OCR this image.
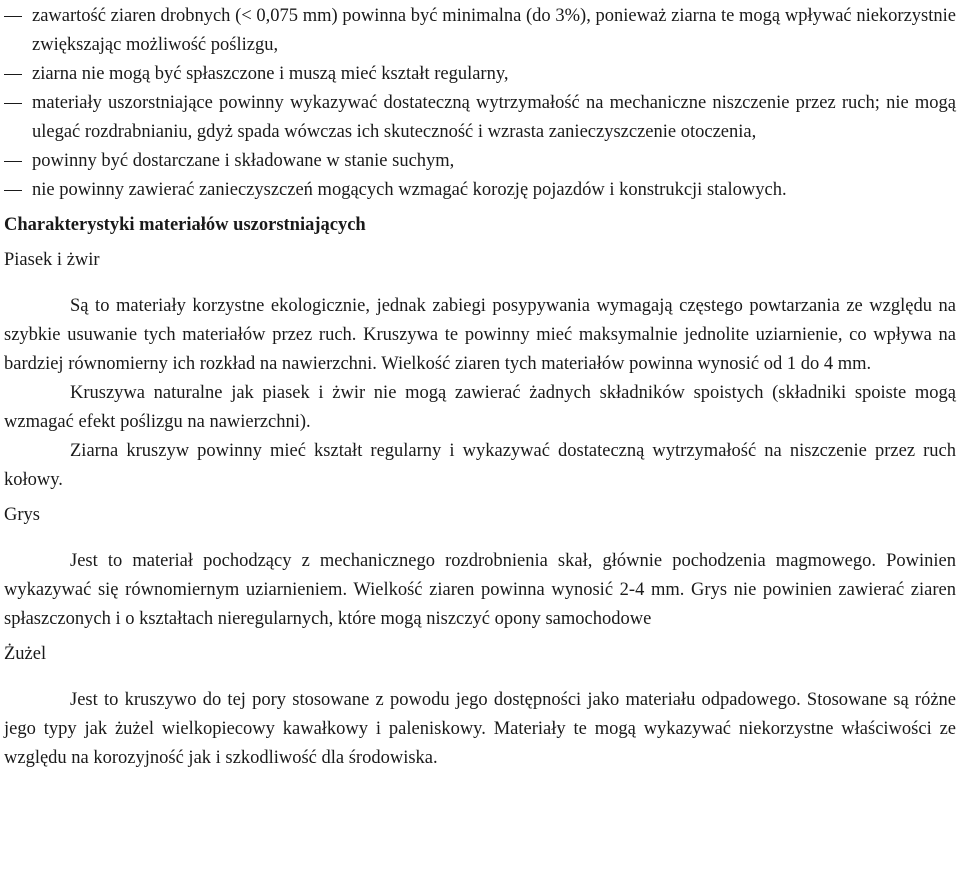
zawartość ziaren drobnych (< 0,075 mm) powinna być minimalna (do 3%), ponieważ ziarna te mogą wpływać niekorzystnie zwiększając możliwość poślizgu,
ziarna nie mogą być spłaszczone i muszą mieć kształt regularny,
materiały uszorstniające powinny wykazywać dostateczną wytrzymałość na mechaniczne niszczenie przez ruch; nie mogą ulegać rozdrabnianiu, gdyż spada wówczas ich skuteczność i wzrasta zanieczyszczenie otoczenia,
powinny być dostarczane i składowane w stanie suchym,
nie powinny zawierać zanieczyszczeń mogących wzmagać korozję pojazdów i konstrukcji stalowych.
Charakterystyki materiałów uszorstniających
Piasek i żwir

Są to materiały korzystne ekologicznie, jednak zabiegi posypywania wymagają częstego powtarzania ze względu na szybkie usuwanie tych materiałów przez ruch. Kruszywa te powinny mieć maksymalnie jednolite uziarnienie, co wpływa na bardziej równomierny ich rozkład na nawierzchni. Wielkość ziaren tych materiałów powinna wynosić od 1 do 4 mm.

Kruszywa naturalne jak piasek i żwir nie mogą zawierać żadnych składników spoistych (składniki spoiste mogą wzmagać efekt poślizgu na nawierzchni).

Ziarna kruszyw powinny mieć kształt regularny i wykazywać dostateczną wytrzymałość na niszczenie przez ruch kołowy.

Grys

Jest to materiał pochodzący z mechanicznego rozdrobnienia skał, głównie pochodzenia magmowego. Powinien wykazywać się równomiernym uziarnieniem. Wielkość ziaren powinna wynosić 2-4 mm. Grys nie powinien zawierać ziaren spłaszczonych i o kształtach nieregularnych, które mogą niszczyć opony samochodowe

Żużel

Jest to kruszywo do tej pory stosowane z powodu jego dostępności jako materiału odpadowego. Stosowane są różne jego typy jak żużel wielkopiecowy kawałkowy i paleniskowy. Materiały te mogą wykazywać niekorzystne właściwości ze względu na korozyjność jak i szkodliwość dla środowiska.
